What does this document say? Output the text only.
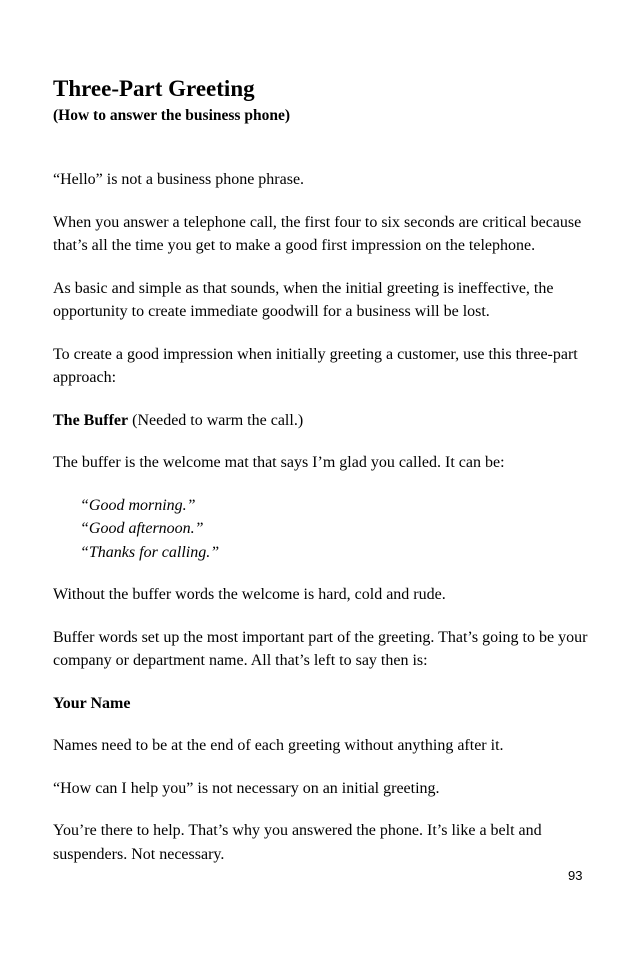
Three-Part Greeting
(How to answer the business phone)

“Hello” is not a business phone phrase.

When you answer a telephone call, the first four to six seconds are critical because that’s all the time you get to make a good first impression on the telephone.

As basic and simple as that sounds, when the initial greeting is ineffective, the opportunity to create immediate goodwill for a business will be lost.

To create a good impression when initially greeting a customer, use this three-part approach:

The Buffer (Needed to warm the call.)

The buffer is the welcome mat that says I’m glad you called. It can be:

“Good morning.”
“Good afternoon.”
“Thanks for calling.”

Without the buffer words the welcome is hard, cold and rude.

Buffer words set up the most important part of the greeting. That’s going to be your company or department name. All that’s left to say then is:

Your Name

Names need to be at the end of each greeting without anything after it.

“How can I help you” is not necessary on an initial greeting.

You’re there to help. That’s why you answered the phone. It’s like a belt and suspenders. Not necessary.

93
